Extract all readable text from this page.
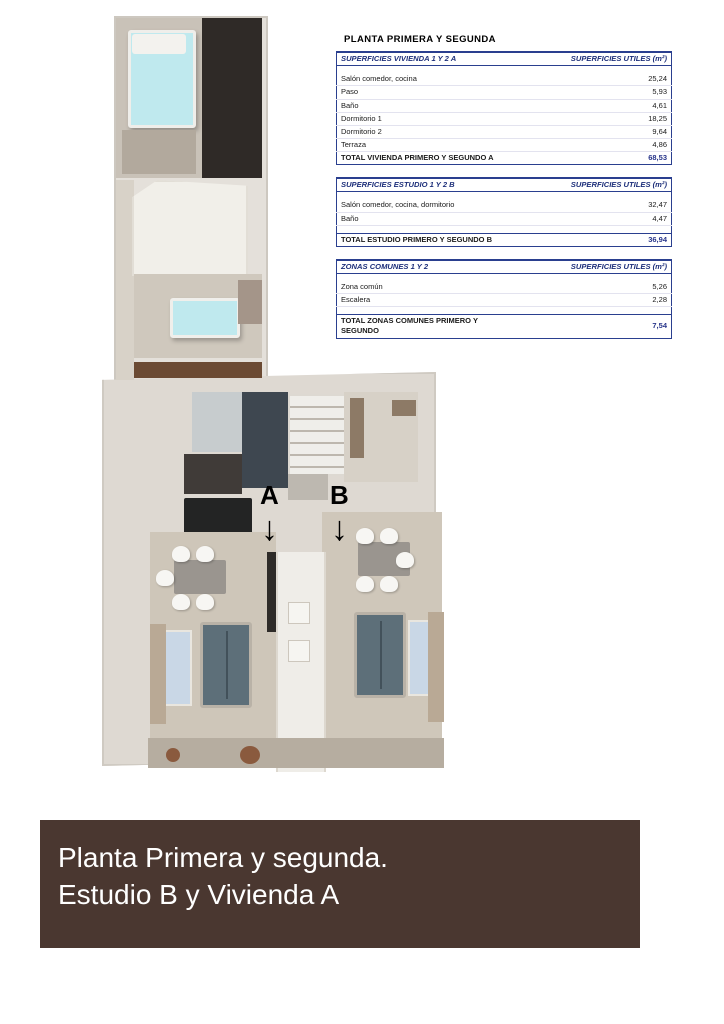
A
↓
B
↓
PLANTA PRIMERA Y SEGUNDA
SUPERFICIES VIVIENDA 1 Y 2 A	SUPERFICIES UTILES (m²)

Salón comedor, cocina	25,24
Paso	5,93
Baño	4,61
Dormitorio 1	18,25
Dormitorio 2	9,64
Terraza	4,86
TOTAL VIVIENDA PRIMERO Y SEGUNDO A	68,53
SUPERFICIES ESTUDIO 1 Y 2 B	SUPERFICIES UTILES (m²)

Salón comedor, cocina, dormitorio	32,47
Baño	4,47

TOTAL ESTUDIO PRIMERO Y SEGUNDO B	36,94
ZONAS COMUNES 1 Y 2	SUPERFICIES UTILES (m²)

Zona común	5,26
Escalera	2,28

TOTAL ZONAS COMUNES PRIMERO Y SEGUNDO	7,54
Planta Primera y segunda.
Estudio B y Vivienda A
